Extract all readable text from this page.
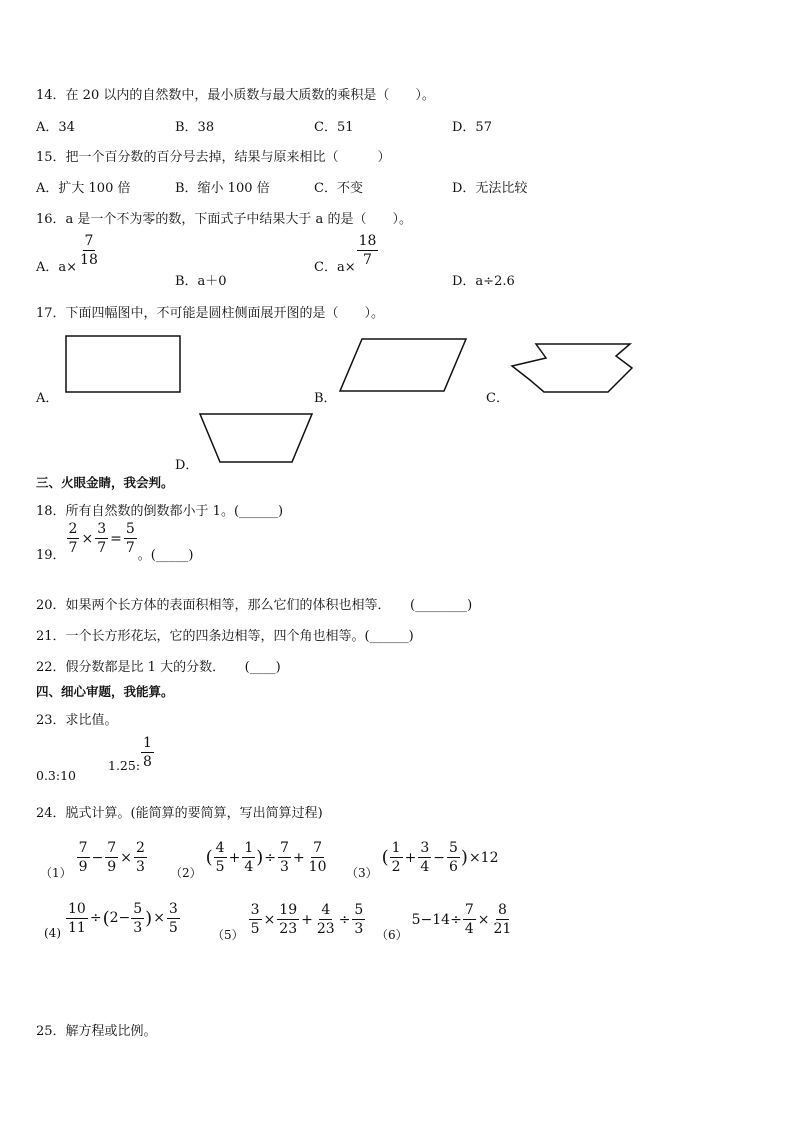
14．在 20 以内的自然数中，最小质数与最大质数的乘积是（　　）。
A．34	B．38	C．51	D．57
15．把一个百分数的百分号去掉，结果与原来相比（　　　）
A．扩大 100 倍	B．缩小 100 倍	C．不变	D．无法比较
16．a 是一个不为零的数，下面式子中结果大于 a 的是（　　）。
A．a×
$\frac{7}{18}$
B．a＋0
C．a×
$\frac{18}{7}$
D．a÷2.6
17．下面四幅图中，不可能是圆柱侧面展开图的是（　　）。
A．	B．	C．
D．
三、火眼金睛，我会判。
18．所有自然数的倒数都小于 1。(______)
19．
$\frac{2}{7} \times \frac{3}{7} = \frac{5}{7}$
。(_____)
20．如果两个长方体的表面积相等，那么它们的体积也相等．　　(________)
21．一个长方形花坛，它的四条边相等，四个角也相等。(______)
22．假分数都是比 1 大的分数．　　(____)
四、细心审题，我能算。
23．求比值。
0.3:10
1.25: $\frac{1}{8}$
24．脱式计算。(能简算的要简算，写出简算过程)
$(1) \frac{7}{9} - \frac{7}{9} \times \frac{2}{3} (2)$
( $\frac{4}{5} + \frac{1}{4}$ ) ÷ $\frac{7}{3} + \frac{7}{10} (3)$
( $\frac{1}{2} + \frac{3}{4} - \frac{5}{6}$ ) ×12
$(4) \frac{10}{11}$ ÷ ( $2- \frac{5}{3}$ ) × $\frac{3}{5}$
$(5) \frac{3}{5} \times \frac{19}{23} + \frac{4}{23} \div \frac{5}{3} (6)$
$5-14\div \frac{7}{4} \times \frac{8}{21}$
25．解方程或比例。
